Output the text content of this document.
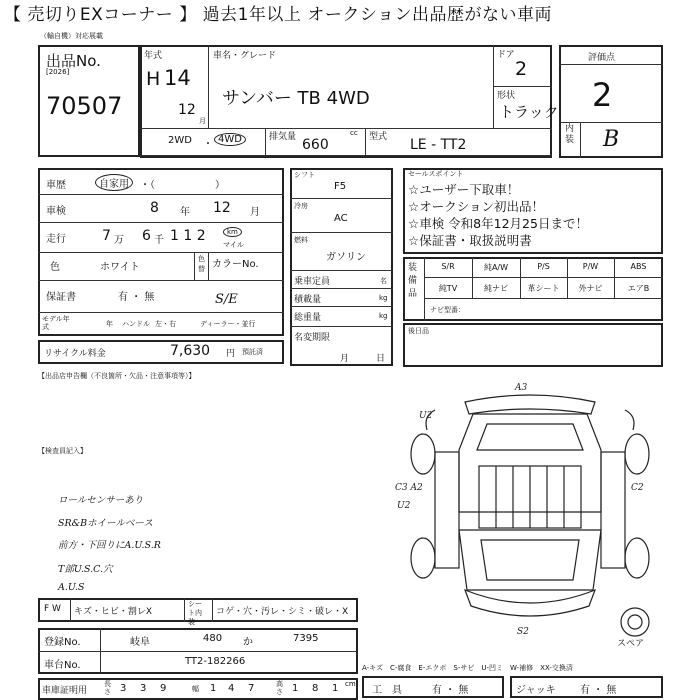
【 売切りEXコーナー 】 過去1年以上 オークション出品歴がない車両
（輸自機）対応展載
出品No.
[2026]
70507
年式
H 14
12
月
車名・グレード
サンバー TB 4WD
ドア
2
形状
トラック
2WD ・ 4WD	排気量	cc
660	型式 LE - TT2
評価点
2
内装 B
車歴	自家用	・（　　　　　　）
車検	8 年 12 月
走行	7 万 6 千 1 1 2	km
マイル
色	ホワイト
色替 カラーNo.
保証書	有 ・ 無	S/E
モデル年式	年 ハンドル 左・右	ディーラー・並行
リサイクル料金	7,630 円 預託済
シフト
F5
冷房
AC
燃料
ガソリン
乗車定員	名
積載量	kg
総重量	kg
名変期限
月	日
セールスポイント
☆ユーザー下取車！
☆オークション初出品！
☆車検 令和8年12月25日まで！
☆保証書・取扱説明書
装備品
S/R	純A/W	P/S	P/W	ABS
純TV	純ナビ	革シート	外ナビ	エアB
ナビ型番：
後日品
【出品店申告欄（不良箇所・欠品・注意事項等）】
【検査員記入】
ロールセンサーあり
SR&Bホイールベース
前方・下回りにA.U.S.R
T部U.S.C.穴
A.U.S
F W キズ・ヒビ・割レX
シート内装
コゲ・穴・汚レ・シミ・破レ・X
登録No.	岐阜	480 か	7395
車台No.	TT2-182266
車庫証明用
長さ 3 3 9	幅 1 4 7	高さ 1 8 1 cm
工　具	有 ・ 無	ジャッキ 有 ・ 無
A-キズ　C-腐食　E-エクボ　S-サビ　U-凹ミ　W-補修　XX-交換済
A3
U2
C3 A2
U2
C2
S2
スペア
